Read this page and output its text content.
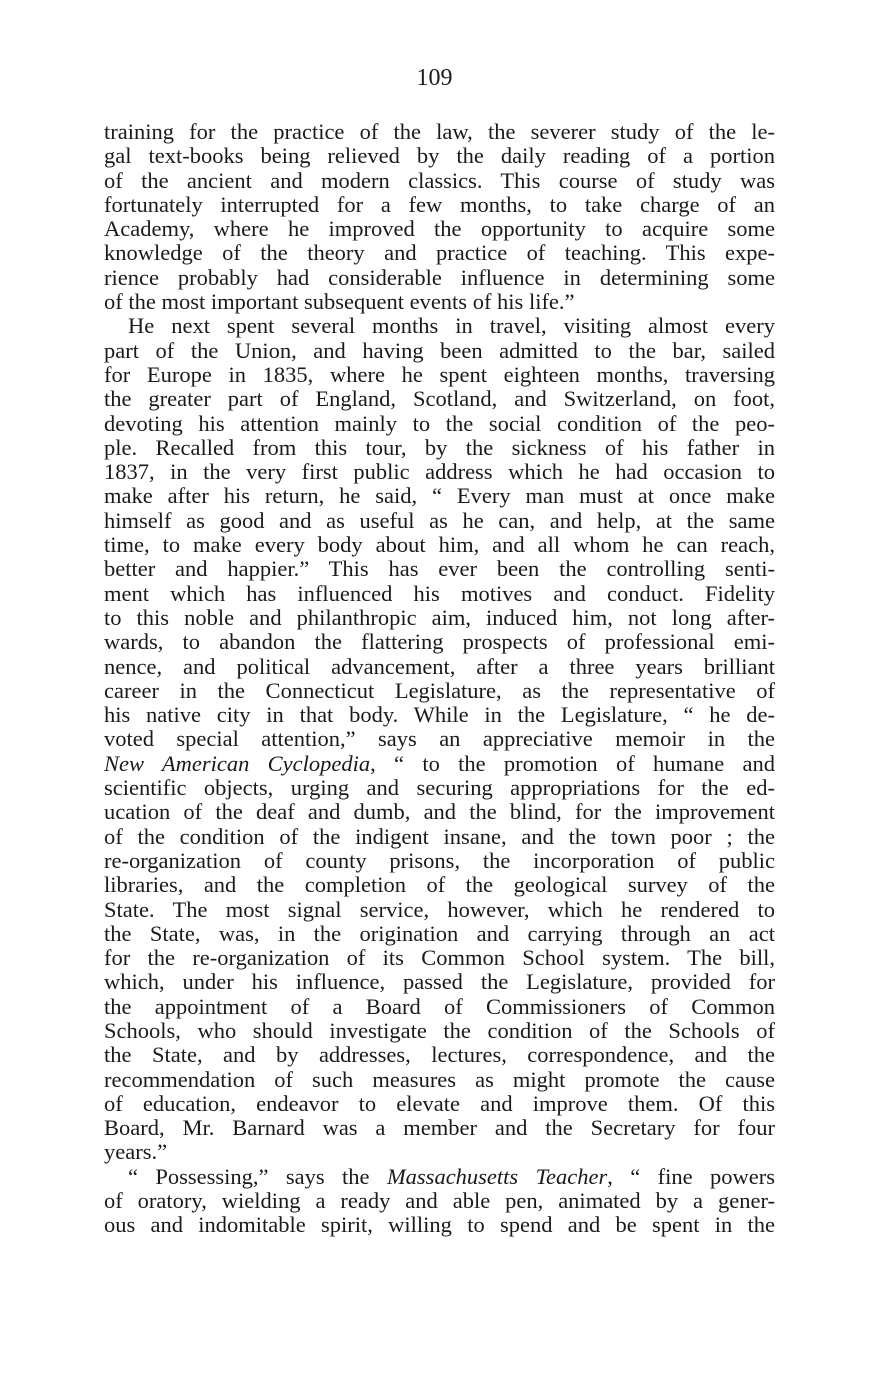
109
training for the practice of the law, the severer study of the le-
gal text-books being relieved by the daily reading of a portion
of the ancient and modern classics. This course of study was
fortunately interrupted for a few months, to take charge of an
Academy, where he improved the opportunity to acquire some
knowledge of the theory and practice of teaching. This expe-
rience probably had considerable influence in determining some
of the most important subsequent events of his life.”
He next spent several months in travel, visiting almost every
part of the Union, and having been admitted to the bar, sailed
for Europe in 1835, where he spent eighteen months, traversing
the greater part of England, Scotland, and Switzerland, on foot,
devoting his attention mainly to the social condition of the peo-
ple. Recalled from this tour, by the sickness of his father in
1837, in the very first public address which he had occasion to
make after his return, he said, “ Every man must at once make
himself as good and as useful as he can, and help, at the same
time, to make every body about him, and all whom he can reach,
better and happier.” This has ever been the controlling senti-
ment which has influenced his motives and conduct. Fidelity
to this noble and philanthropic aim, induced him, not long after-
wards, to abandon the flattering prospects of professional emi-
nence, and political advancement, after a three years brilliant
career in the Connecticut Legislature, as the representative of
his native city in that body. While in the Legislature, “ he de-
voted special attention,” says an appreciative memoir in the
New American Cyclopedia, “ to the promotion of humane and
scientific objects, urging and securing appropriations for the ed-
ucation of the deaf and dumb, and the blind, for the improvement
of the condition of the indigent insane, and the town poor ; the
re-organization of county prisons, the incorporation of public
libraries, and the completion of the geological survey of the
State. The most signal service, however, which he rendered to
the State, was, in the origination and carrying through an act
for the re-organization of its Common School system. The bill,
which, under his influence, passed the Legislature, provided for
the appointment of a Board of Commissioners of Common
Schools, who should investigate the condition of the Schools of
the State, and by addresses, lectures, correspondence, and the
recommendation of such measures as might promote the cause
of education, endeavor to elevate and improve them. Of this
Board, Mr. Barnard was a member and the Secretary for four
years.”
“ Possessing,” says the Massachusetts Teacher, “ fine powers
of oratory, wielding a ready and able pen, animated by a gener-
ous and indomitable spirit, willing to spend and be spent in the
